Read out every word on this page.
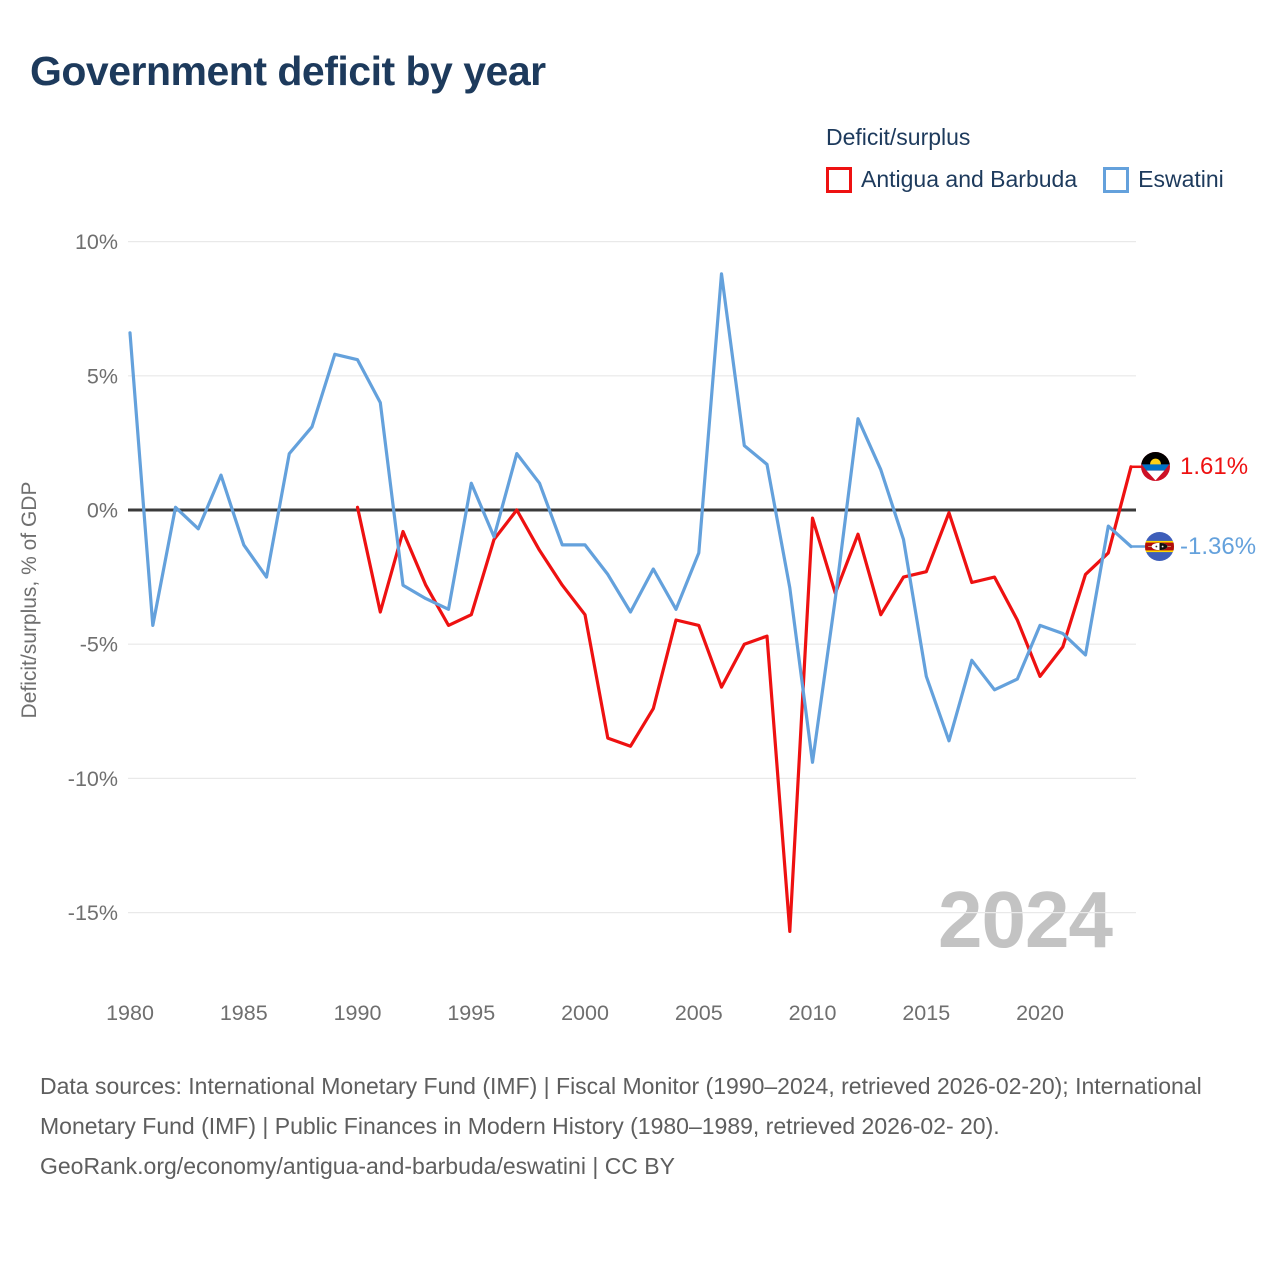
Government deficit by year
Deficit/surplus
Antigua and Barbuda	Eswatini
2024
10%
5%
0%
-5%
-10%
-15%
1980	1985	1990	1995	2000	2005	2010	2015	2020
Deficit/surplus, % of GDP
1.61%
-1.36%
Data sources: International Monetary Fund (IMF) | Fiscal Monitor (1990–2024, retrieved 2026-02-20); International Monetary Fund (IMF) | Public Finances in Modern History (1980–1989, retrieved 2026-02- 20).
GeoRank.org/economy/antigua-and-barbuda/eswatini | CC BY
